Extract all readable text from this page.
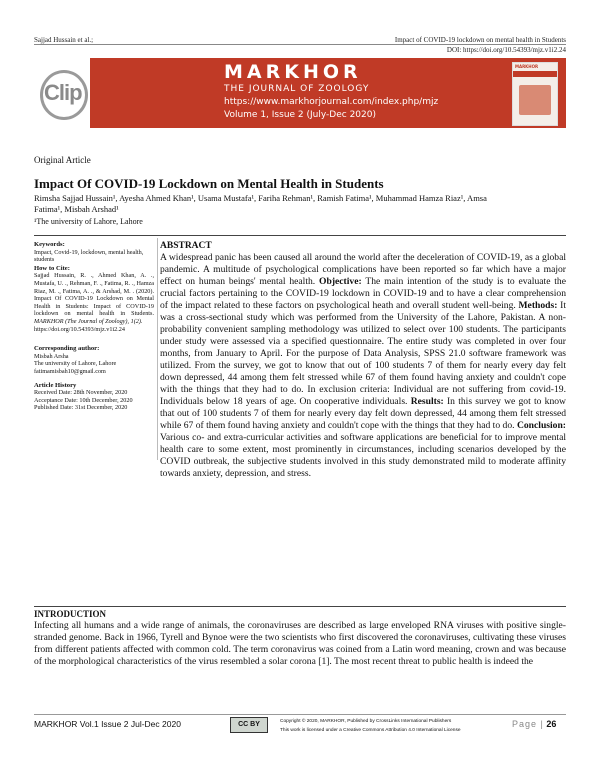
Sajjad Hussain et al.;	Impact of COVID-19 lockdown on mental health in Students
DOI: https://doi.org/10.54393/mjz.v1i2.24
Clip
MARKHOR
THE JOURNAL OF ZOOLOGY
https://www.markhorjournal.com/index.php/mjz
Volume 1, Issue 2 (July-Dec 2020)
MARKHOR
Original Article
Impact Of COVID-19 Lockdown on Mental Health in Students
Rimsha Sajjad Hussain¹, Ayesha Ahmed Khan¹, Usama Mustafa¹, Fariha Rehman¹, Ramish Fatima¹, Muhammad Hamza Riaz¹, Amsa
Fatima¹, Misbah Arshad¹
¹The university of Lahore, Lahore
Keywords:
Impact, Covid-19, lockdown, mental health, students
How to Cite:
Sajjad Hussain, R. ., Ahmed Khan, A. ., Mustafa, U. ., Rehman, F. ., Fatima, R. ., Hamza Riaz, M. ., Fatima, A. ., & Arshad, M. . (2020). Impact Of COVID-19 Lockdown on Mental Health in Students: Impact of COVID-19 lockdown on mental health in Students. MARKHOR (The Journal of Zoology), 1(2).
https://doi.org/10.54393/mjz.v1i2.24
Corresponding author:
Misbah Arsha
The university of Lahore, Lahore
fatimamisbah10@gmail.com
Article History
Received Date: 28th November, 2020
Acceptance Date: 10th December, 2020
Published Date: 31st December, 2020
ABSTRACT
A widespread panic has been caused all around the world after the deceleration of COVID-19, as a global pandemic. A multitude of psychological complications have been reported so far which have a major effect on human beings' mental health. Objective: The main intention of the study is to evaluate the crucial factors pertaining to the COVID-19 lockdown in COVID-19 and to have a clear comprehension of the impact related to these factors on psychological heath and overall student well-being. Methods: It was a cross-sectional study which was performed from the University of the Lahore, Pakistan. A non-probability convenient sampling methodology was utilized to select over 100 students. The participants under study were assessed via a specified questionnaire. The entire study was completed in over four months, from January to April. For the purpose of Data Analysis, SPSS 21.0 software framework was utilized. From the survey, we got to know that out of 100 students 7 of them for nearly every day felt down depressed, 44 among them felt stressed while 67 of them found having anxiety and couldn't cope with the things that they had to do. In exclusion criteria: Individual are not suffering from covid-19. Individuals below 18 years of age. On cooperative individuals. Results: In this survey we got to know that out of 100 students 7 of them for nearly every day felt down depressed, 44 among them felt stressed while 67 of them found having anxiety and couldn't cope with the things that they had to do. Conclusion: Various co- and extra-curricular activities and software applications are beneficial for to improve mental health care to some extent, most prominently in circumstances, including scenarios developed by the COVID outbreak, the subjective students involved in this study demonstrated mild to moderate affinity towards anxiety, depression, and stress.
INTRODUCTION
Infecting all humans and a wide range of animals, the coronaviruses are described as large enveloped RNA viruses with positive single-stranded genome. Back in 1966, Tyrell and Bynoe were the two scientists who first discovered the coronaviruses, cultivating these viruses from different patients affected with common cold. The term coronavirus was coined from a Latin word meaning, crown and was because of the morphological characteristics of the virus resembled a solar corona [1]. The most recent threat to public health is indeed the
MARKHOR Vol.1 Issue 2 Jul-Dec 2020	CC BY	Copyright © 2020, MARKHOR, Published by CrossLinks International Publishers
This work is licensed under a Creative Commons Attribution 4.0 International License
Page | 26
